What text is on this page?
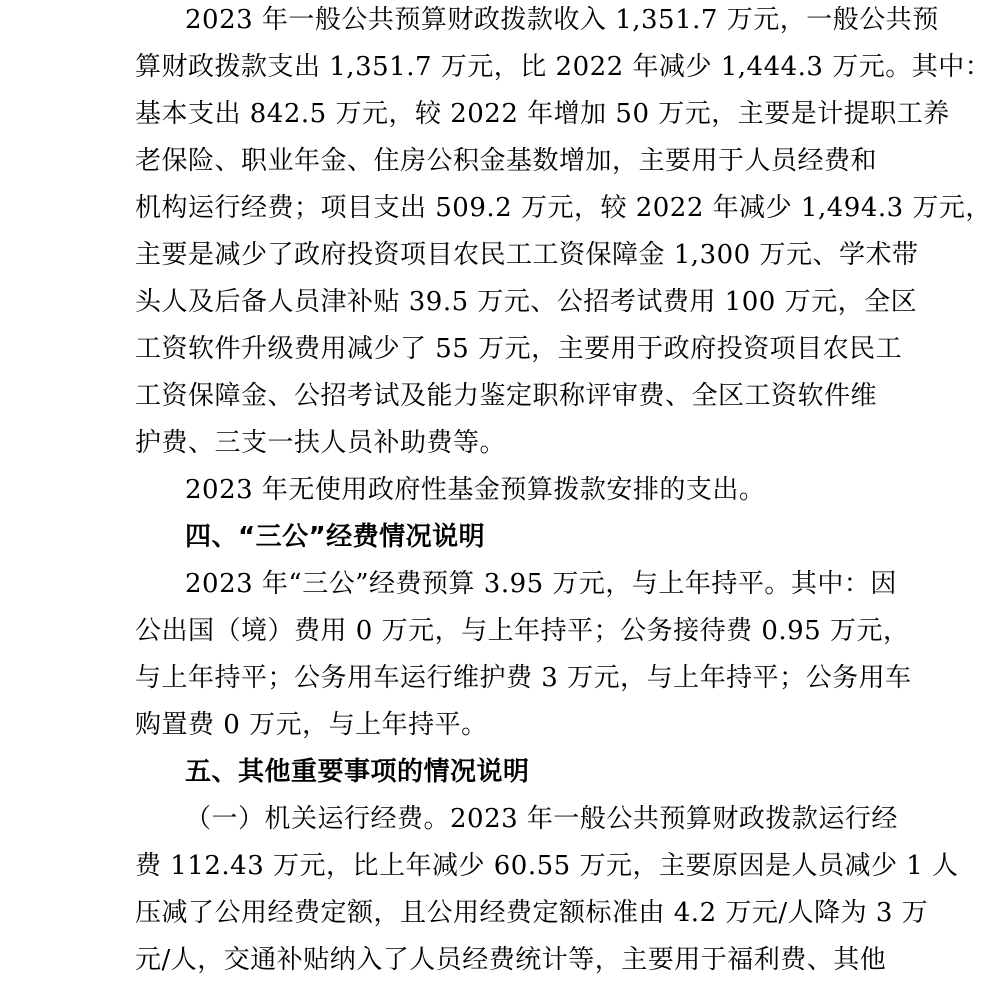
2023 年一般公共预算财政拨款收入 1,351.7 万元，一般公共预
算财政拨款支出 1,351.7 万元，比 2022 年减少 1,444.3 万元。其中：
基本支出 842.5 万元，较 2022 年增加 50 万元，主要是计提职工养
老保险、职业年金、住房公积金基数增加，主要用于人员经费和
机构运行经费；项目支出 509.2 万元，较 2022 年减少 1,494.3 万元，
主要是减少了政府投资项目农民工工资保障金 1,300 万元、学术带
头人及后备人员津补贴 39.5 万元、公招考试费用 100 万元，全区
工资软件升级费用减少了 55 万元，主要用于政府投资项目农民工
工资保障金、公招考试及能力鉴定职称评审费、全区工资软件维
护费、三支一扶人员补助费等。
2023 年无使用政府性基金预算拨款安排的支出。
四、“三公”经费情况说明
2023 年“三公”经费预算 3.95 万元，与上年持平。其中：因
公出国（境）费用 0 万元，与上年持平；公务接待费 0.95 万元，
与上年持平；公务用车运行维护费 3 万元，与上年持平；公务用车
购置费 0 万元，与上年持平。
五、其他重要事项的情况说明
（一）机关运行经费。2023 年一般公共预算财政拨款运行经
费 112.43 万元，比上年减少 60.55 万元，主要原因是人员减少 1 人
压减了公用经费定额，且公用经费定额标准由 4.2 万元/人降为 3 万
元/人，交通补贴纳入了人员经费统计等，主要用于福利费、其他
